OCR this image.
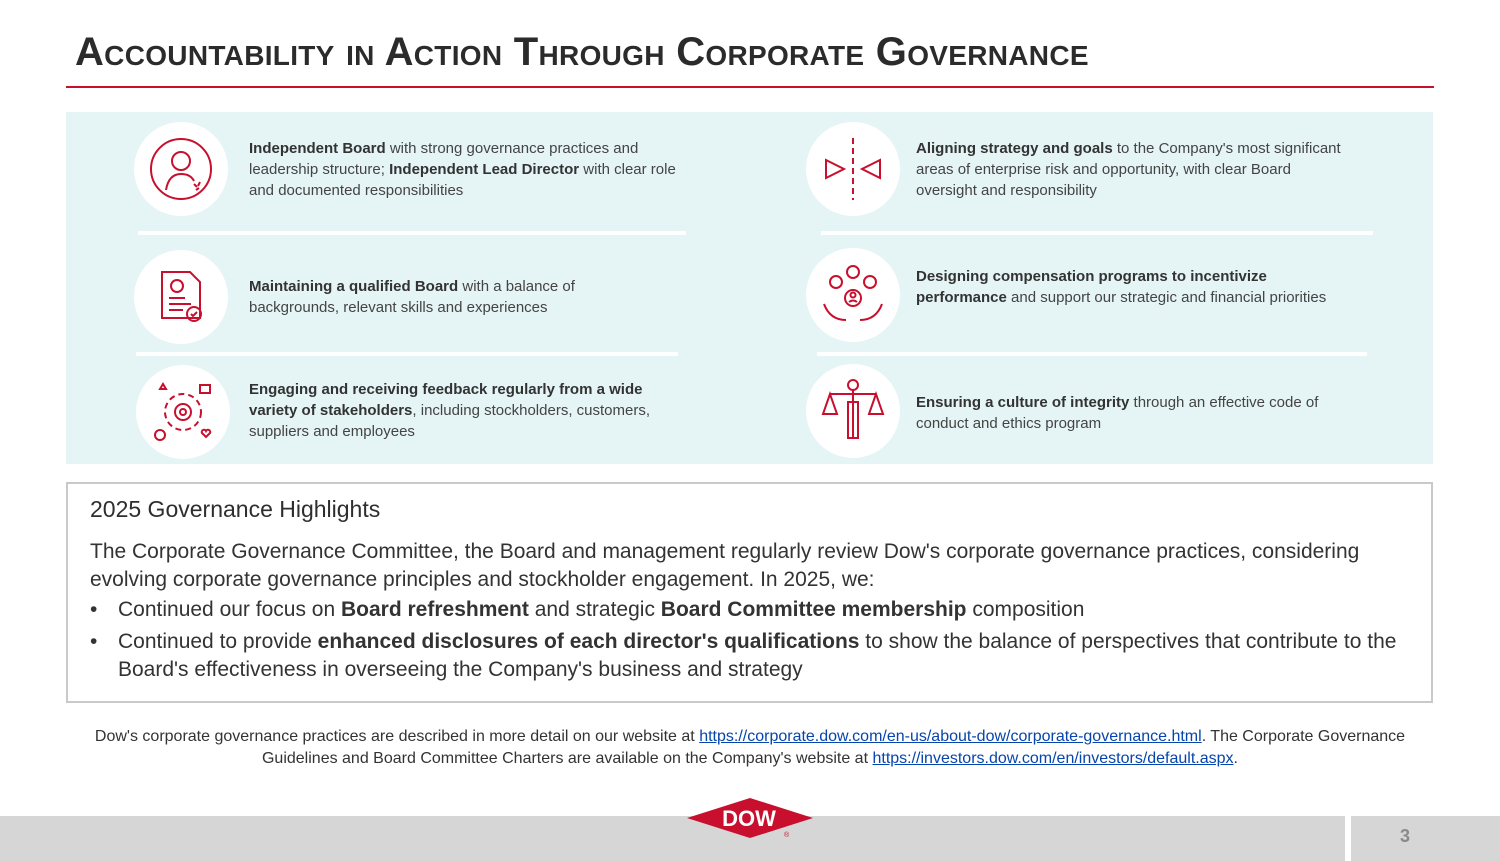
Accountability in Action Through Corporate Governance
Independent Board with strong governance practices and leadership structure; Independent Lead Director with clear role and documented responsibilities
Maintaining a qualified Board with a balance of backgrounds, relevant skills and experiences
Engaging and receiving feedback regularly from a wide variety of stakeholders, including stockholders, customers, suppliers and employees
Aligning strategy and goals to the Company's most significant areas of enterprise risk and opportunity, with clear Board oversight and responsibility
Designing compensation programs to incentivize performance and support our strategic and financial priorities
Ensuring a culture of integrity through an effective code of conduct and ethics program
2025 Governance Highlights
The Corporate Governance Committee, the Board and management regularly review Dow's corporate governance practices, considering evolving corporate governance principles and stockholder engagement. In 2025, we:
• Continued our focus on Board refreshment and strategic Board Committee membership composition
• Continued to provide enhanced disclosures of each director's qualifications to show the balance of perspectives that contribute to the Board's effectiveness in overseeing the Company's business and strategy
Dow's corporate governance practices are described in more detail on our website at https://corporate.dow.com/en-us/about-dow/corporate-governance.html. The Corporate Governance Guidelines and Board Committee Charters are available on the Company's website at https://investors.dow.com/en/investors/default.aspx.
3
DOW
®
